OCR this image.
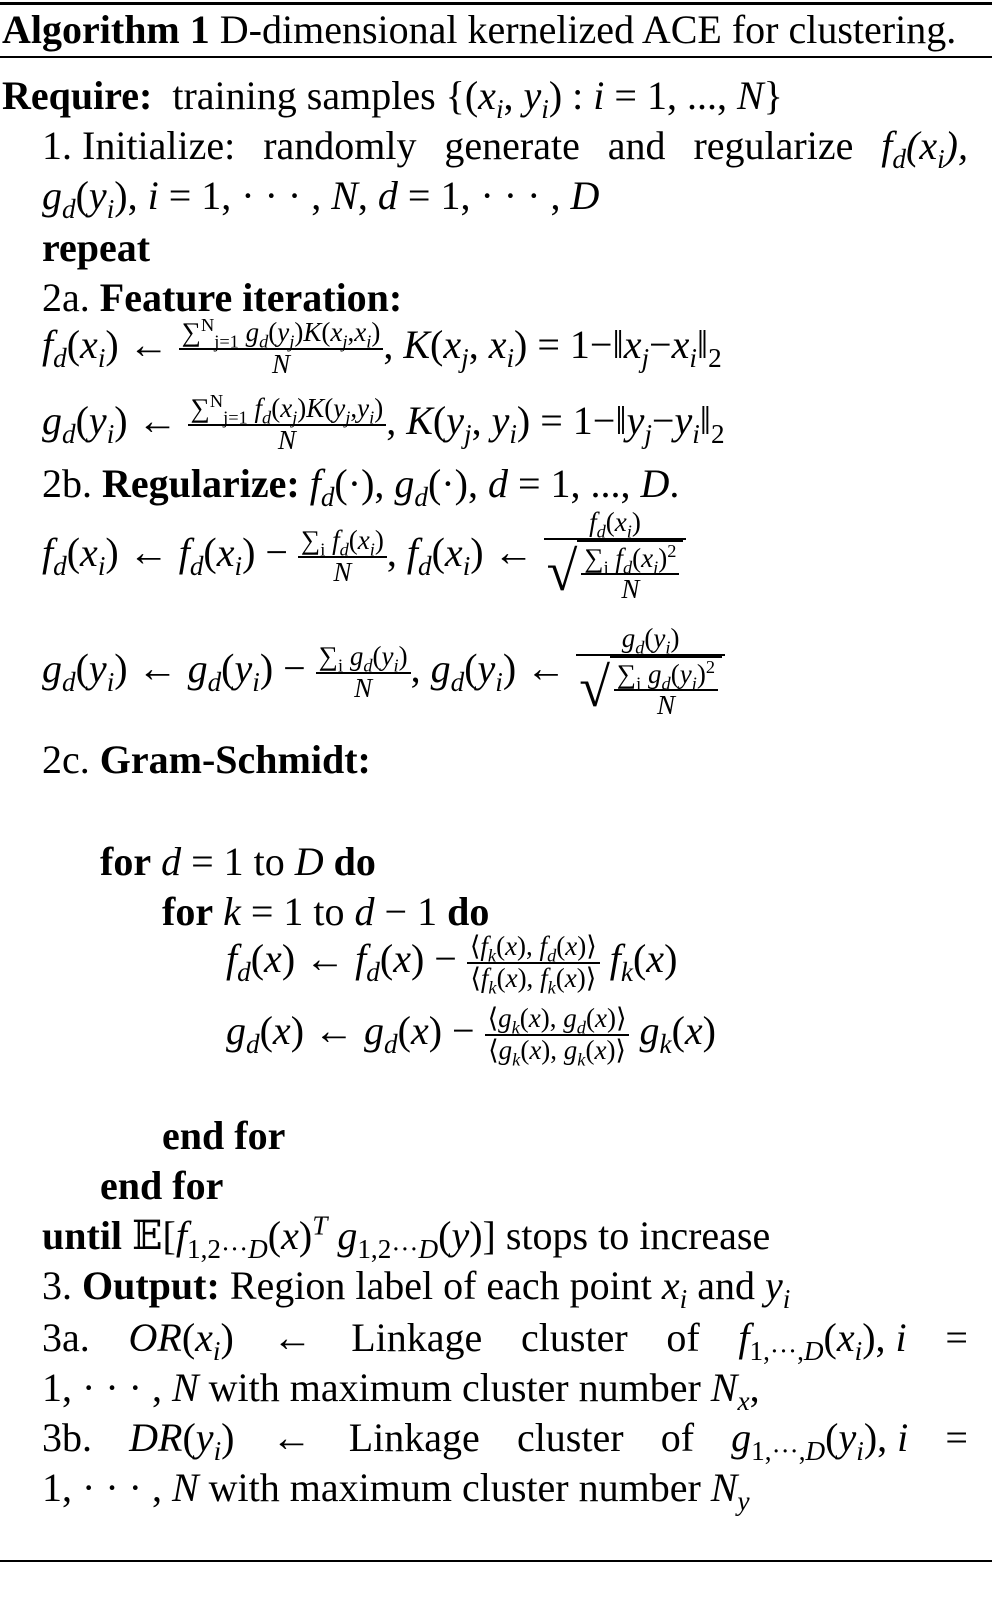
Algorithm 1 D-dimensional kernelized ACE for clustering.
Require: training samples {($x_i$, $y_i$) : i = 1, ..., N}
1. Initialize: randomly generate and regularize $f_d(x_i)$,
$g_d(y_i)$, i = 1, · · · , N, d = 1, · · · , D
repeat
2a. Feature iteration:
$f_d(x_i)$ ← $\frac{\sum^N_{j=1} g_d(y_j)K(x_j,x_i)}{N}$ , $K(x_j$, $x_i$) = $1-‖x_j-x_i‖_2$
$g_d(y_i)$ ← $\frac{\sum^N_{j=1} f_d(x_j)K(y_j,y_i)}{N}$ , $K(y_j$, $y_i$) = $1-‖y_j-y_i‖_2$
2b. Regularize: $f_d(\cdot)$, $g_d(\cdot)$, d = 1, ..., D.
$f_d(x_i)$ ← $f_d(x_i) - \frac{\sum_i f_d(x_i)}{N}$ , $f_d(x_i)$ ← $\frac{f_d(x_i)}{√ \frac{\sum_i f_d(x_i)^2}{N}}$
$g_d(y_i)$ ← $g_d(y_i) - \frac{\sum_i g_d(y_i)}{N}$ , $g_d(y_i)$ ← $\frac{g_d(y_i)}{√ \frac{\sum_i g_d(y_i)^2}{N}}$
2c. Gram-Schmidt:
for d = 1 to D do
for k = 1 to d − 1 do
$f_d(x)$ ← $f_d(x) - \frac{⟨f_k(x), f_d(x)⟩}{⟨f_k(x), f_k(x)⟩} f_k(x)$
$g_d(x)$ ← $g_d(x) - \frac{⟨g_k(x), g_d(x)⟩}{⟨g_k(x), g_k(x)⟩} g_k(x)$
end for
end for
until $𝔼[f_{1,2\cdot\cdot\cdot D}(x)^T$ $g_{1,2\cdot\cdot\cdot D}(y)$] stops to increase
3. Output: Region label of each point $x_i$ and $y_i$
3a. $OR(x_i)$ ← Linkage cluster of $f_{1,\cdot\cdot\cdot,D}(x_i)$, i =
1, · · · , N with maximum cluster number $N_x$,
3b. $DR(y_i)$ ← Linkage cluster of $g_{1,\cdot\cdot\cdot,D}(y_i)$, i =
1, · · · , N with maximum cluster number $N_y$
